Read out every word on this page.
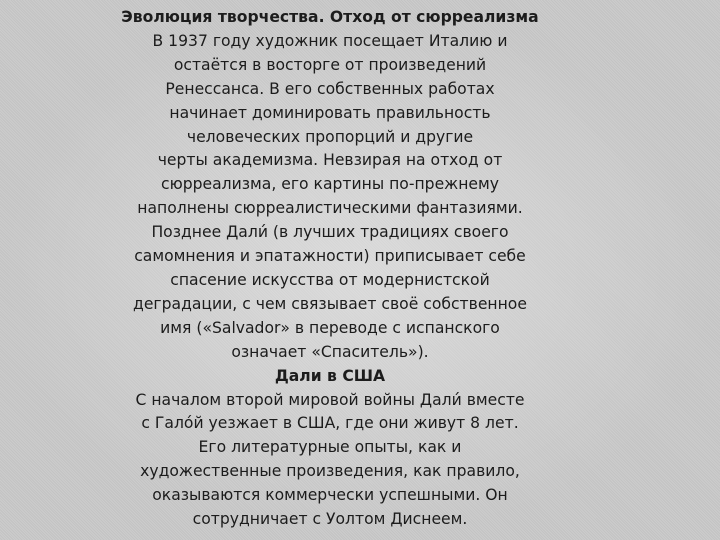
Эволюция творчества. Отход от сюрреализма
В 1937 году художник посещает Италию и
остаётся в восторге от произведений
Ренессанса. В его собственных работах
начинает доминировать правильность
человеческих пропорций и другие
черты академизма. Невзирая на отход от
сюрреализма, его картины по-прежнему
наполнены сюрреалистическими фантазиями.
Позднее Дали́ (в лучших традициях своего
самомнения и эпатажности) приписывает себе
спасение искусства от модернистской
деградации, с чем связывает своё собственное
имя («Salvador» в переводе с испанского
означает «Спаситель»).
Дали в США
С началом второй мировой войны Дали́ вместе
с Гало́й уезжает в США, где они живут 8 лет.
Его литературные опыты, как и
художественные произведения, как правило,
оказываются коммерчески успешными. Он
сотрудничает с Уолтом Диснеем.
